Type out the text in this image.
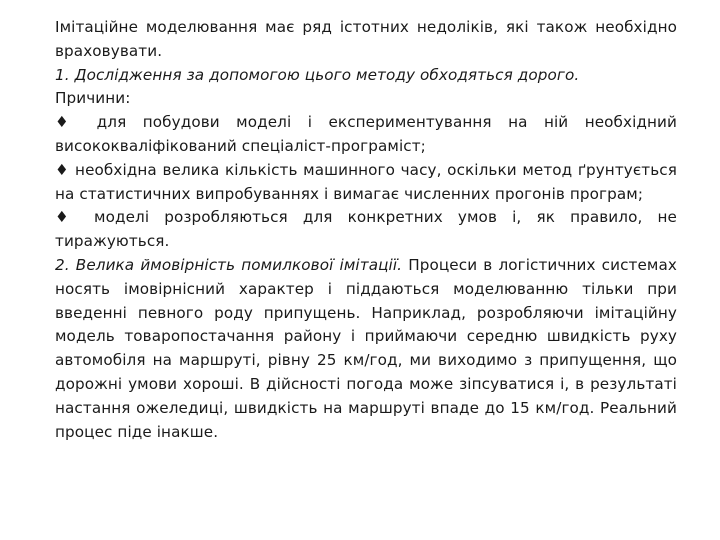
Імітаційне моделювання має ряд істотних недоліків, які також необхідно враховувати.

1. Дослідження за допомогою цього методу обходяться дорого.

Причини:

♦ для побудови моделі і експериментування на ній необхідний висококваліфікований спеціаліст-програміст;

♦ необхідна велика кількість машинного часу, оскільки метод ґрунтується на статистичних випробуваннях і вимагає численних прогонів програм;

♦ моделі розробляються для конкретних умов і, як правило, не тиражуються.

2. Велика ймовірність помилкової імітації. Процеси в логістичних системах носять імовірнісний характер і піддаються моделюванню тільки при введенні певного роду припущень. Наприклад, розробляючи імітаційну модель товаропостачання району і приймаючи середню швидкість руху автомобіля на маршруті, рівну 25 км/год, ми виходимо з припущення, що дорожні умови хороші. В дійсності погода може зіпсуватися і, в результаті настання ожеледиці, швидкість на маршруті впаде до 15 км/год. Реальний процес піде інакше.
